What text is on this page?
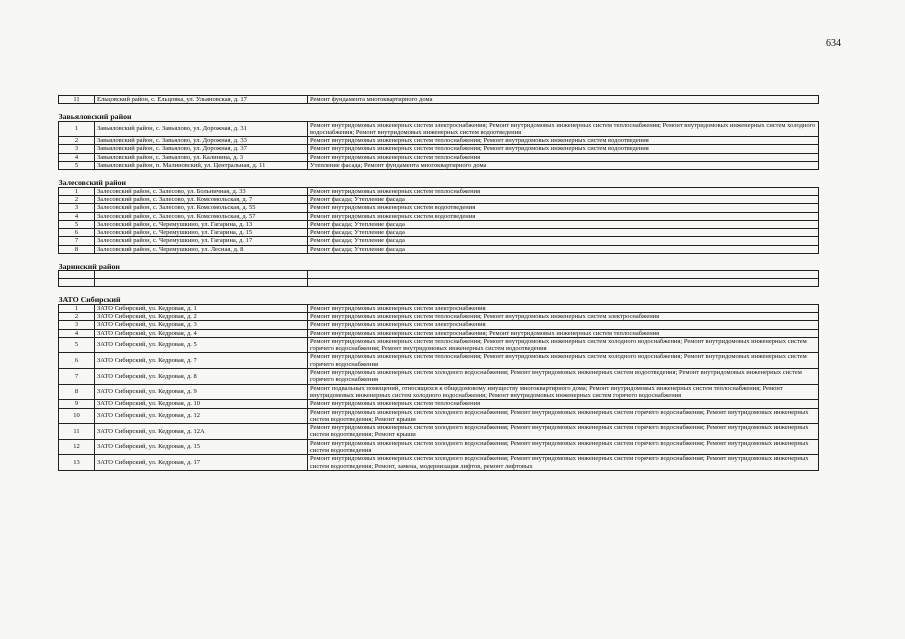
634
11	Ельцовский район, с. Ельцовка, ул. Ульяновская, д. 17	Ремонт фундамента многоквартирного дома
Завьяловский район		
1	Завьяловский район, с. Завьялово, ул. Дорожная, д. 31	Ремонт внутридомовых инженерных систем электроснабжения; Ремонт внутридомовых инженерных систем теплоснабжения; Ремонт внутридомовых инженерных систем холодного водоснабжения; Ремонт внутридомовых инженерных систем водоотведения
2	Завьяловский район, с. Завьялово, ул. Дорожная, д. 33	Ремонт внутридомовых инженерных систем теплоснабжения; Ремонт внутридомовых инженерных систем водоотведения
3	Завьяловский район, с. Завьялово, ул. Дорожная, д. 37	Ремонт внутридомовых инженерных систем теплоснабжения; Ремонт внутридомовых инженерных систем водоотведения
4	Завьяловский район, с. Завьялово, ул. Калинина, д. 3	Ремонт внутридомовых инженерных систем теплоснабжения
5	Завьяловский район, п. Малиновский, ул. Центральная, д. 11	Утепление фасада; Ремонт фундамента многоквартирного дома
Залесовский район		
1	Залесовский район, с. Залесово, ул. Больничная, д. 33	Ремонт внутридомовых инженерных систем теплоснабжения
2	Залесовский район, с. Залесово, ул. Комсомольская, д. 7	Ремонт фасада; Утепление фасада
3	Залесовский район, с. Залесово, ул. Комсомольская, д. 55	Ремонт внутридомовых инженерных систем водоотведения
4	Залесовский район, с. Залесово, ул. Комсомольская, д. 57	Ремонт внутридомовых инженерных систем водоотведения
5	Залесовский район, с. Черемушкино, ул. Гагарина, д. 13	Ремонт фасада; Утепление фасада
6	Залесовский район, с. Черемушкино, ул. Гагарина, д. 15	Ремонт фасада; Утепление фасада
7	Залесовский район, с. Черемушкино, ул. Гагарина, д. 17	Ремонт фасада; Утепление фасада
8	Залесовский район, с. Черемушкино, ул. Лесная, д. 8	Ремонт фасада; Утепление фасада
Заринский район		

ЗАТО Сибирский		
1	ЗАТО Сибирский, ул. Кедровая, д. 1	Ремонт внутридомовых инженерных систем электроснабжения
2	ЗАТО Сибирский, ул. Кедровая, д. 2	Ремонт внутридомовых инженерных систем теплоснабжения; Ремонт внутридомовых инженерных систем электроснабжения
3	ЗАТО Сибирский, ул. Кедровая, д. 3	Ремонт внутридомовых инженерных систем электроснабжения
4	ЗАТО Сибирский, ул. Кедровая, д. 4	Ремонт внутридомовых инженерных систем электроснабжения; Ремонт внутридомовых инженерных систем теплоснабжения
5	ЗАТО Сибирский, ул. Кедровая, д. 5	Ремонт внутридомовых инженерных систем теплоснабжения; Ремонт внутридомовых инженерных систем холодного водоснабжения; Ремонт внутридомовых инженерных систем горячего водоснабжения; Ремонт внутридомовых инженерных систем водоотведения
6	ЗАТО Сибирский, ул. Кедровая, д. 7	Ремонт внутридомовых инженерных систем теплоснабжения; Ремонт внутридомовых инженерных систем холодного водоснабжения; Ремонт внутридомовых инженерных систем горячего водоснабжения
7	ЗАТО Сибирский, ул. Кедровая, д. 8	Ремонт внутридомовых инженерных систем холодного водоснабжения; Ремонт внутридомовых инженерных систем водоотведения; Ремонт внутридомовых инженерных систем горячего водоснабжения
8	ЗАТО Сибирский, ул. Кедровая, д. 9	Ремонт подвальных помещений, относящихся к общедомовому имуществу многоквартирного дома; Ремонт внутридомовых инженерных систем теплоснабжения; Ремонт внутридомовых инженерных систем холодного водоснабжения; Ремонт внутридомовых инженерных систем горячего водоснабжения
9	ЗАТО Сибирский, ул. Кедровая, д. 10	Ремонт внутридомовых инженерных систем теплоснабжения
10	ЗАТО Сибирский, ул. Кедровая, д. 12	Ремонт внутридомовых инженерных систем холодного водоснабжения; Ремонт внутридомовых инженерных систем горячего водоснабжения; Ремонт внутридомовых инженерных систем водоотведения; Ремонт крыши
11	ЗАТО Сибирский, ул. Кедровая, д. 12А	Ремонт внутридомовых инженерных систем холодного водоснабжения; Ремонт внутридомовых инженерных систем горячего водоснабжения; Ремонт внутридомовых инженерных систем водоотведения; Ремонт крыши
12	ЗАТО Сибирский, ул. Кедровая, д. 15	Ремонт внутридомовых инженерных систем холодного водоснабжения; Ремонт внутридомовых инженерных систем горячего водоснабжения; Ремонт внутридомовых инженерных систем водоотведения
13	ЗАТО Сибирский, ул. Кедровая, д. 17	Ремонт внутридомовых инженерных систем холодного водоснабжения; Ремонт внутридомовых инженерных систем горячего водоснабжения; Ремонт внутридомовых инженерных систем водоотведения; Ремонт, замена, модернизация лифтов, ремонт лифтовых
